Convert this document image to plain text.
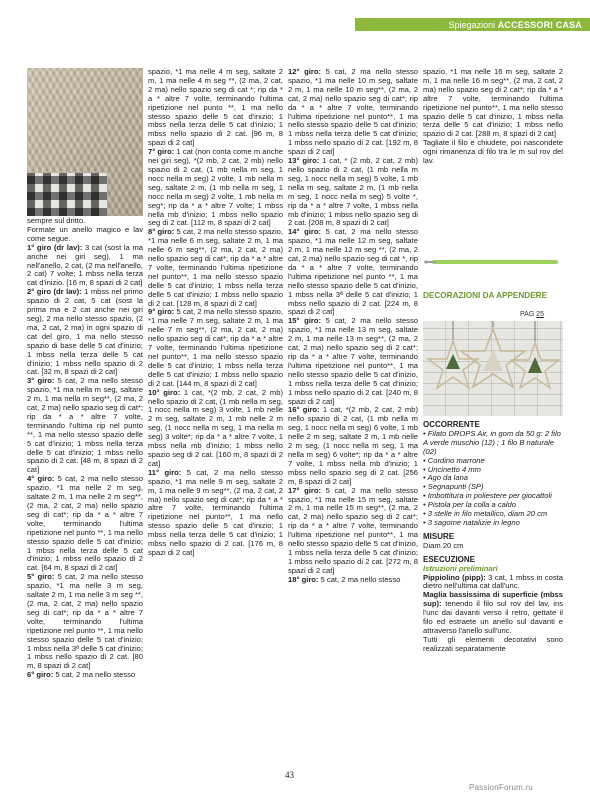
Spiegazioni ACCESSORI CASA

sempre sul dritto.

Formate un anello magico e lav come segue.

1° giro (dr lav): 3 cat (sost la ma anche nei giri seg), 1 ma nell'anello, 2 cat, (2 ma nell'anello, 2 cat) 7 volte; 1 mbss nella terza cat d'inizio. [16 m, 8 spazi di 2 cat]

2° giro (dr lav): 1 mbss nel primo spazio di 2 cat, 5 cat (sost la prima ma e 2 cat anche nei giri seg), 2 ma nello stesso spazio, (2 ma, 2 cat, 2 ma) in ogni spazio di cat del giro, 1 ma nello stesso spazio di base delle 5 cat d'inizio; 1 mbss nella terza delle 5 cat d'inizio; 1 mbss nello spazio di 2 cat. [32 m, 8 spazi di 2 cat]

3° giro: 5 cat, 2 ma nello stesso spazio, *1 ma nella m seg, saltare 2 m, 1 ma nella m seg**, (2 ma, 2 cat, 2 ma) nello spazio seg di cat*; rip da * a * altre 7 volte, terminando l'ultima rip nel punto **, 1 ma nello stesso spazio delle 5 cat d'inizio; 1 mbss nella terza delle 5 cat d'inizio; 1 mbss nello spazio di 2 cat. [48 m, 8 spazi di 2 cat]

4° giro: 5 cat, 2 ma nello stesso spazio, *1 ma nelle 2 m seg, saltate 2 m, 1 ma nelle 2 m seg**, (2 ma, 2 cat, 2 ma) nello spazio seg di cat*; rip da * a * altre 7 volte, terminando l'ultima ripetizione nel punto **, 1 ma nello stesso spazio delle 5 cat d'inizio; 1 mbss nella terza delle 5 cat d'inizio; 1 mbss nello spazio di 2 cat. [64 m, 8 spazi di 2 cat]

5° giro: 5 cat, 2 ma nello stesso spazio, *1 ma nelle 3 m seg, saltate 2 m, 1 ma nelle 3 m seg **, (2 ma, 2 cat, 2 ma) nello spazio seg di cat*; rip da * a * altre 7 volte, terminando l'ultima ripetizione nel punto **, 1 ma nello stesso spazio delle 5 cat d'inizio; 1 mbss nella 3ª delle 5 cat d'inizio; 1 mbss nello spazio di 2 cat. [80 m, 8 spazi di 2 cat]

6° giro: 5 cat, 2 ma nello stesso

spazio, *1 ma nelle 4 m seg, saltate 2 m, 1 ma nelle 4 m seg **, (2 ma, 2 cat, 2 ma) nello spazio seg di cat *; rip da * a * altre 7 volte, terminando l'ultima ripetizione nel punto **, 1 ma nello stesso spazio delle 5 cat d'inizio; 1 mbss nella terza delle 5 cat d'inizio; 1 mbss nello spazio di 2 cat. [96 m, 8 spazi di 2 cat]

7° giro: 1 cat (non conta come m anche nei giri seg), *(2 mb, 2 cat, 2 mb) nello spazio di 2 cat, (1 mb nella m seg, 1 nocc nella m seg) 2 volte, 1 mb nella m seg, saltate 2 m, (1 mb nella m seg, 1 nocc nella m seg) 2 volte, 1 mb nella m seg*; rip da * a * altre 7 volte; 1 mbss nella mb d'inizio; 1 mbss nello spazio seg di 2 cat. [112 m, 8 spazi di 2 cat]

8° giro: 5 cat, 2 ma nello stesso spazio, *1 ma nelle 6 m seg, saltate 2 m, 1 ma nelle 6 m seg**, (2 ma, 2 cat, 2 ma) nello spazio seg di cat*; rip da * a * altre 7 volte, terminando l'ultima ripetizione nel punto**, 1 ma nello stesso spazio delle 5 cat d'inizio; 1 mbss nella terza delle 5 cat d'inizio; 1 mbss nello spazio di 2 cat. [128 m, 8 spazi di 2 cat]

9° giro: 5 cat, 2 ma nello stesso spazio, *1 ma nelle 7 m seg, saltate 2 m, 1 ma nelle 7 m seg**, (2 ma, 2 cat, 2 ma) nello spazio seg di cat*; rip da * a * altre 7 volte, terminando l'ultima ripetizione nel punto**, 1 ma nello stesso spazio delle 5 cat d'inizio; 1 mbss nella terza delle 5 cat d'inizio; 1 mbss nello spazio di 2 cat. [144 m, 8 spazi di 2 cat]

10° giro: 1 cat, *(2 mb, 2 cat, 2 mb) nello spazio di 2 cat, (1 mb nella m seg, 1 nocc nella m seg) 3 volte, 1 mb nelle 2 m seg, saltate 2 m, 1 mb nelle 2 m seg, (1 nocc nella m seg, 1 ma nella m seg) 3 volte*; rip da * a * altre 7 volte, 1 mbss nella mb d'inizio; 1 mbss nello spazio seg di 2 cat. [160 m, 8 spazi di 2 cat]

11° giro: 5 cat, 2 ma nello stesso spazio, *1 ma nelle 9 m seg, saltate 2 m, 1 ma nelle 9 m seg**, (2 ma, 2 cat, 2 ma) nello spazio seg di cat*; rip da * a * altre 7 volte, terminando l'ultima ripetizione nel punto**, 1 ma nello stesso spazio delle 5 cat d'inizio; 1 mbss nella terza delle 5 cat d'inizio; 1 mbss nello spazio di 2 cat. [176 m, 8 spazi di 2 cat]

12° giro: 5 cat, 2 ma nello stesso spazio, *1 ma nelle 10 m seg, saltate 2 m, 1 ma nelle 10 m seg**, (2 ma, 2 cat, 2 ma) nello spazio seg di cat*; rip da * a * altre 7 volte, terminando l'ultima ripetizione nel punto**, 1 ma nello stesso spazio delle 5 cat d'inizio; 1 mbss nella terza delle 5 cat d'inizio; 1 mbss nello spazio di 2 cat. [192 m, 8 spazi di 2 cat]

13° giro: 1 cat, * (2 mb, 2 cat, 2 mb) nello spazio di 2 cat, (1 mb nella m seg, 1 nocc nella m seg) 5 volte, 1 mb nella m seg, saltate 2 m, (1 mb nella m seg, 1 nocc nella m seg) 5 volte *, rip da * a * altre 7 volte, 1 mbss nella mb d'inizio; 1 mbss nello spazio seg di 2 cat. [208 m, 8 spazi di 2 cat]

14° giro: 5 cat, 2 ma nello stesso spazio, *1 ma nelle 12 m seg, saltate 2 m, 1 ma nelle 12 m seg **, (2 ma, 2 cat, 2 ma) nello spazio seg di cat *, rip da * a * altre 7 volte, terminando l'ultima ripetizione nel punto **, 1 ma nello stesso spazio delle 5 cat d'inizio, 1 mbss nella 3ª delle 5 cat d'inizio; 1 mbss nello spazio di 2 cat. [224 m, 8 spazi di 2 cat]

15° giro: 5 cat, 2 ma nello stesso spazio, *1 ma nelle 13 m seg, saltate 2 m, 1 ma nelle 13 m seg**, (2 ma, 2 cat, 2 ma) nello spazio seg di 2 cat*; rip da * a * altre 7 volte, terminando l'ultima ripetizione nel punto**, 1 ma nello stesso spazio delle 5 cat d'inizio, 1 mbss nella terza delle 5 cat d'inizio; 1 mbss nello spazio di 2 cat. [240 m, 8 spazi di 2 cat]

16° giro: 1 cat, *(2 mb, 2 cat, 2 mb) nello spazio di 2 cat, (1 mb nella m seg, 1 nocc nella m seg) 6 volte, 1 mb nelle 2 m seg, saltate 2 m, 1 mb nelle 2 m seg, (1 nocc nella m seg, 1 ma nella m seg) 6 volte*; rip da * a * altre 7 volte, 1 mbss nella mb d'inizio; 1 mbss nello spazio seg di 2 cat. [256 m, 8 spazi di 2 cat]

17° giro: 5 cat, 2 ma nello stesso spazio, *1 ma nelle 15 m seg, saltate 2 m, 1 ma nelle 15 m seg**, (2 ma, 2 cat, 2 ma) nello spazio seg di 2 cat*; rip da * a * altre 7 volte, terminando l'ultima ripetizione nel punto**, 1 ma nello stesso spazio delle 5 cat d'inizio, 1 mbss nella terza delle 5 cat d'inizio; 1 mbss nello spazio di 2 cat. [272 m, 8 spazi di 2 cat]

18° giro: 5 cat, 2 ma nello stesso

spazio, *1 ma nelle 16 m seg, saltate 2 m, 1 ma nelle 16 m seg**, (2 ma, 2 cat, 2 ma) nello spazio seg di 2 cat*; rip da * a * altre 7 volte, terminando l'ultima ripetizione nel punto**, 1 ma nello stesso spazio delle 5 cat d'inizio, 1 mbss nella terza delle 5 cat d'inizio; 1 mbss nello spazio di 2 cat. [288 m, 8 spazi di 2 cat]

Tagliate il filo e chiudete, poi nascondete ogni rimanenza di filo tra le m sul rov del lav.

DECORAZIONI DA APPENDERE
PAG 25
OCCORRENTE
• Filato DROPS Air, in gom da 50 g: 2 filo A verde muschio (12) ; 1 filo B naturale (02)
• Cordino marrone
• Uncinetto 4 mm
• Ago da lana
• Segnapunti (SP)
• Imbottitura in poliestere per giocattoli
• Pistola per la colla a caldo
• 3 stelle in filo metallico, diam 20 cm
• 3 sagome natalizie in legno
MISURE

Diam 20 cm

ESECUZIONE

Istruzioni preliminari

Pippiolino (pipp): 3 cat, 1 mbss in costa dietro nell'ultima cat dall'unc.

Maglia bassissima di superficie (mbss sup): tenendo il filo sul rov del lav, ins l'unc dai davanti verso il retro, gettate il filo ed estraete un anello sul davanti e attraverso l'anello sull'unc.

Tutti gli elementi decorativi sono realizzati separatamente

43
PassionForum.ru
